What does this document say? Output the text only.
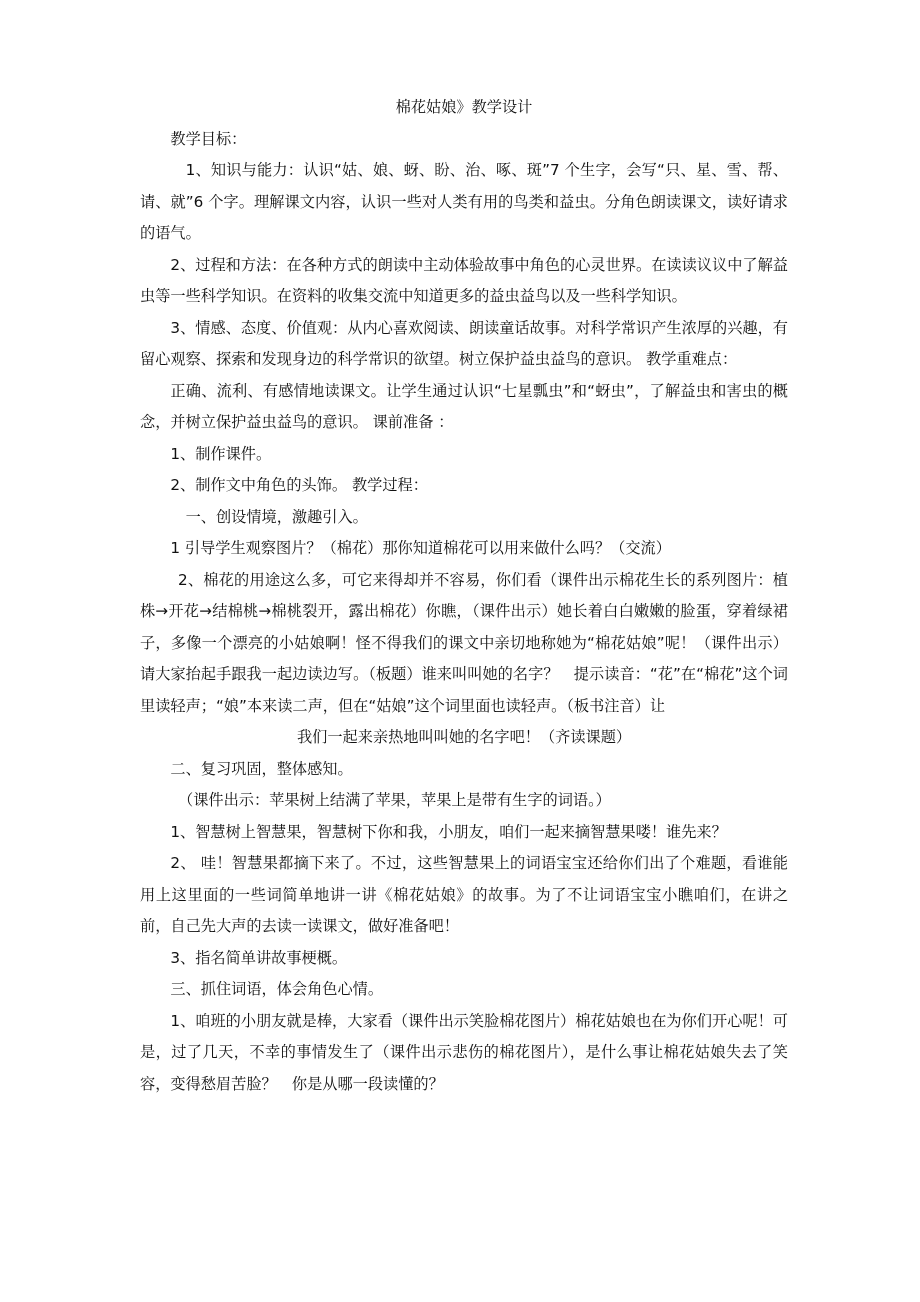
棉花姑娘》教学设计

教学目标：

1、知识与能力：认识“姑、娘、蚜、盼、治、啄、斑”7 个生字，会写“只、星、雪、帮、请、就”6 个字。理解课文内容，认识一些对人类有用的鸟类和益虫。分角色朗读课文，读好请求的语气。

2、过程和方法：在各种方式的朗读中主动体验故事中角色的心灵世界。在读读议议中了解益虫等一些科学知识。在资料的收集交流中知道更多的益虫益鸟以及一些科学知识。

3、情感、态度、价值观：从内心喜欢阅读、朗读童话故事。对科学常识产生浓厚的兴趣，有留心观察、探索和发现身边的科学常识的欲望。树立保护益虫益鸟的意识。 教学重难点：

正确、流利、有感情地读课文。让学生通过认识“七星瓢虫”和“蚜虫”，了解益虫和害虫的概念，并树立保护益虫益鸟的意识。 课前准备 ：

1、制作课件。

2、制作文中角色的头饰。 教学过程：

一、创设情境，激趣引入。

1 引导学生观察图片？（棉花）那你知道棉花可以用来做什么吗？（交流）

2、棉花的用途这么多，可它来得却并不容易，你们看（课件出示棉花生长的系列图片：植株→开花→结棉桃→棉桃裂开，露出棉花）你瞧，（课件出示）她长着白白嫩嫩的脸蛋，穿着绿裙子，多像一个漂亮的小姑娘啊！怪不得我们的课文中亲切地称她为“棉花姑娘”呢！（课件出示）请大家抬起手跟我一起边读边写。（板题）谁来叫叫她的名字？　提示读音：“花”在“棉花”这个词里读轻声；“娘”本来读二声，但在“姑娘”这个词里面也读轻声。（板书注音）让

我们一起来亲热地叫叫她的名字吧！（齐读课题）

二、复习巩固，整体感知。

（课件出示：苹果树上结满了苹果，苹果上是带有生字的词语。）

1、智慧树上智慧果，智慧树下你和我，小朋友，咱们一起来摘智慧果喽！谁先来？

2、 哇！智慧果都摘下来了。不过，这些智慧果上的词语宝宝还给你们出了个难题，看谁能用上这里面的一些词简单地讲一讲《棉花姑娘》的故事。为了不让词语宝宝小瞧咱们，在讲之前，自己先大声的去读一读课文，做好准备吧！

3、指名简单讲故事梗概。

三、抓住词语，体会角色心情。

1、咱班的小朋友就是棒，大家看（课件出示笑脸棉花图片）棉花姑娘也在为你们开心呢！可是，过了几天，不幸的事情发生了（课件出示悲伤的棉花图片），是什么事让棉花姑娘失去了笑容，变得愁眉苦脸？　你是从哪一段读懂的？
